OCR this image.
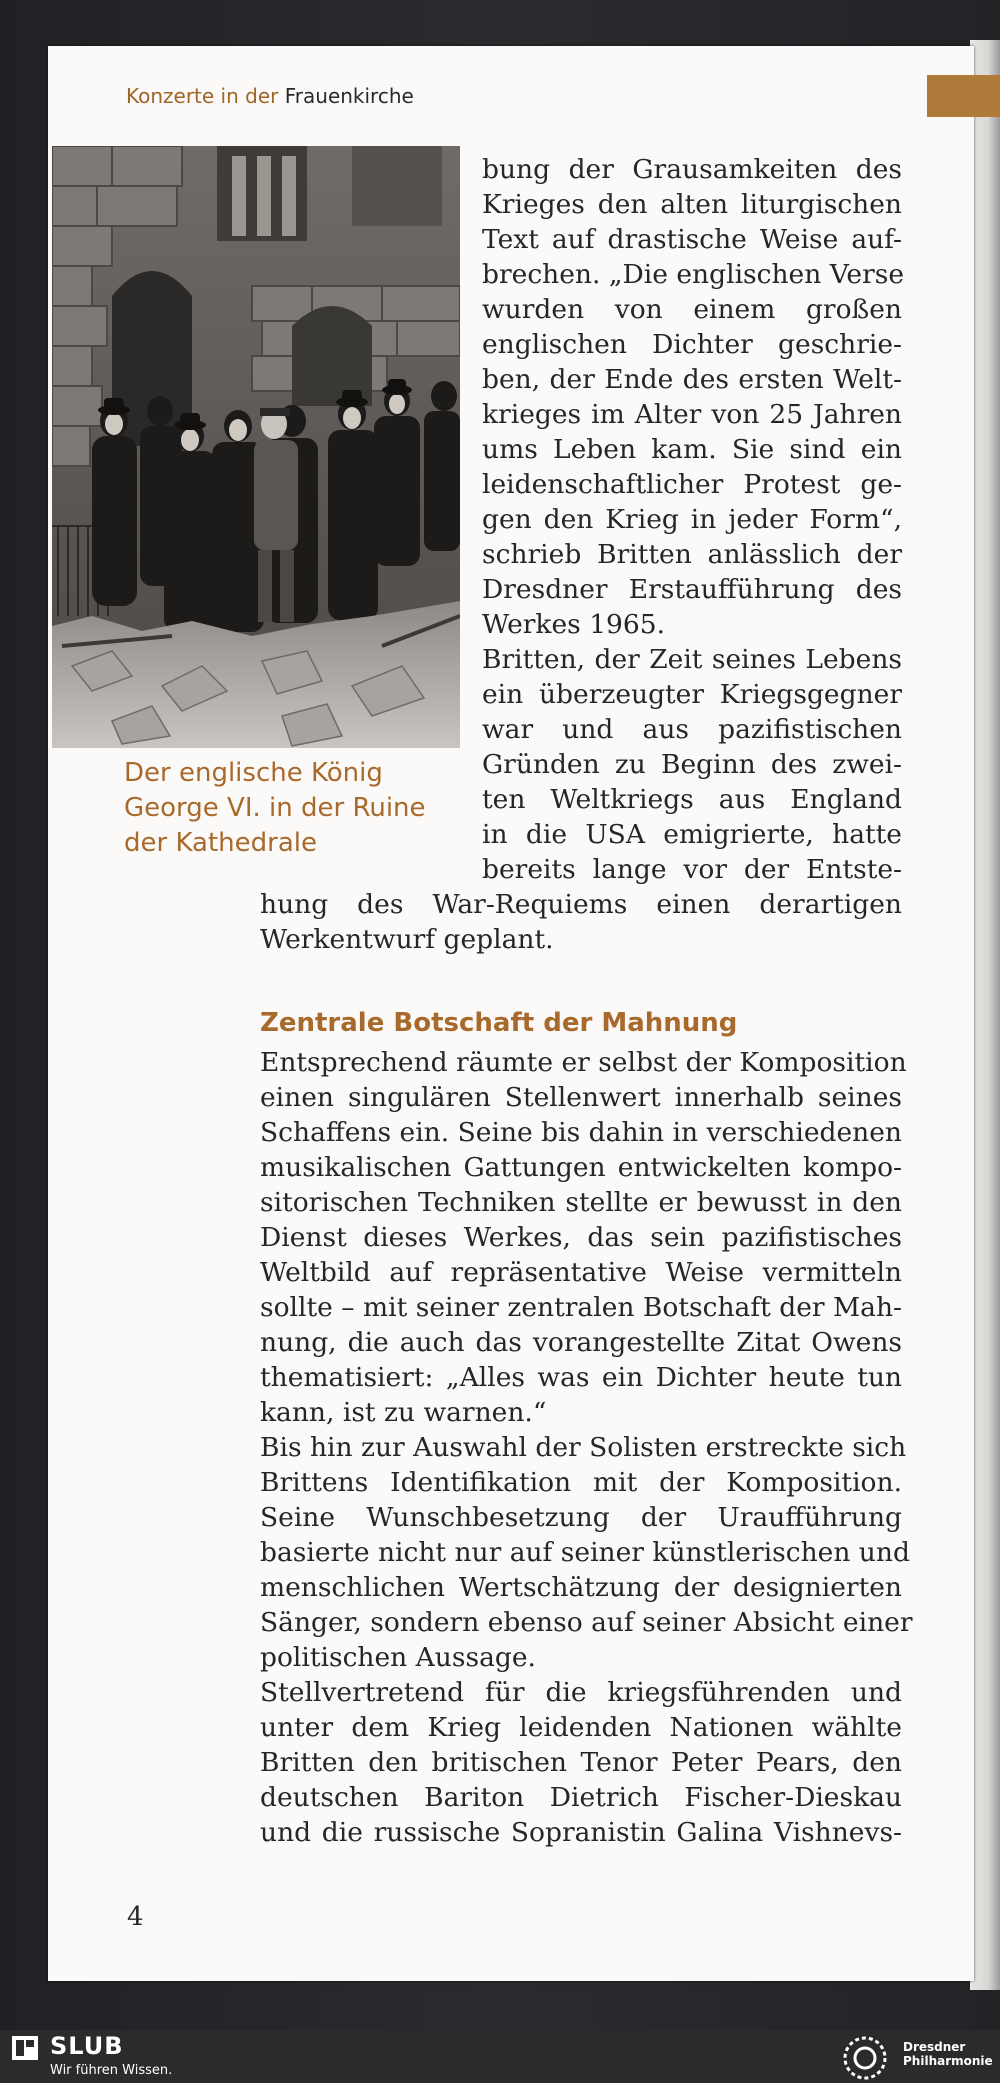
Konzerte in der Frauenkirche
Der englische König
George VI. in der Ruine
der Kathedrale
bung der Grausamkeiten des
Krieges den alten liturgischen
Text auf drastische Weise auf-
brechen. „Die englischen Verse
wurden von einem großen
englischen Dichter geschrie-
ben, der Ende des ersten Welt-
krieges im Alter von 25 Jahren
ums Leben kam. Sie sind ein
leidenschaftlicher Protest ge-
gen den Krieg in jeder Form“,
schrieb Britten anlässlich der
Dresdner Erstaufführung des
Werkes 1965.
Britten, der Zeit seines Lebens
ein überzeugter Kriegsgegner
war und aus pazifistischen
Gründen zu Beginn des zwei-
ten Weltkriegs aus England
in die USA emigrierte, hatte
bereits lange vor der Entste-
hung des War-Requiems einen derartigen
Werkentwurf geplant.
Zentrale Botschaft der Mahnung
Entsprechend räumte er selbst der Komposition
einen singulären Stellenwert innerhalb seines
Schaffens ein. Seine bis dahin in verschiedenen
musikalischen Gattungen entwickelten kompo-
sitorischen Techniken stellte er bewusst in den
Dienst dieses Werkes, das sein pazifistisches
Weltbild auf repräsentative Weise vermitteln
sollte – mit seiner zentralen Botschaft der Mah-
nung, die auch das vorangestellte Zitat Owens
thematisiert: „Alles was ein Dichter heute tun
kann, ist zu warnen.“
Bis hin zur Auswahl der Solisten erstreckte sich
Brittens Identifikation mit der Komposition.
Seine Wunschbesetzung der Uraufführung
basierte nicht nur auf seiner künstlerischen und
menschlichen Wertschätzung der designierten
Sänger, sondern ebenso auf seiner Absicht einer
politischen Aussage.
Stellvertretend für die kriegsführenden und
unter dem Krieg leidenden Nationen wählte
Britten den britischen Tenor Peter Pears, den
deutschen Bariton Dietrich Fischer-Dieskau
und die russische Sopranistin Galina Vishnevs-
4
SLUB
Wir führen Wissen.
Dresdner
Philharmonie
